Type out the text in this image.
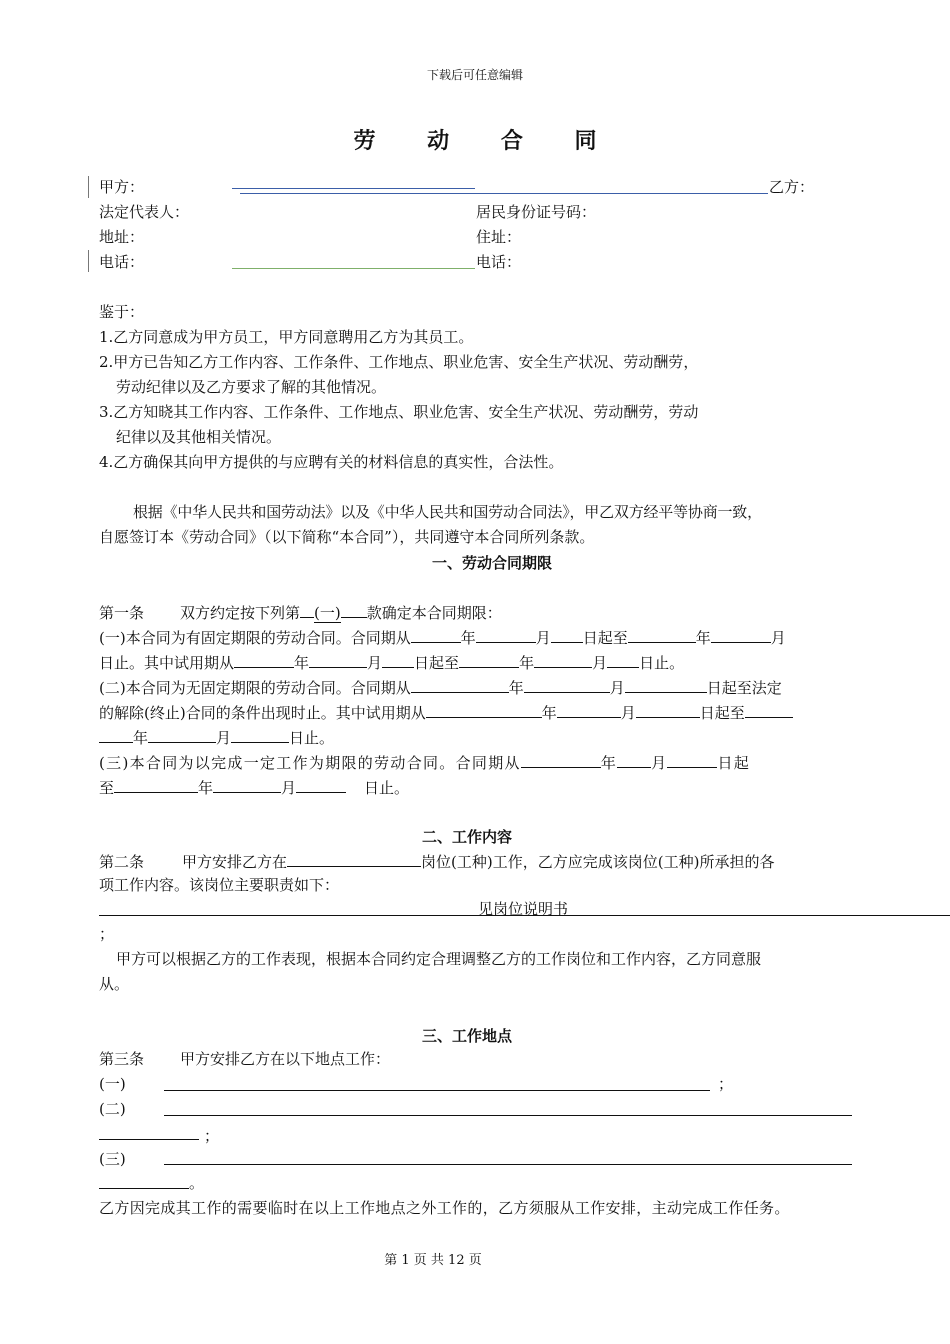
下载后可任意编辑
劳 动 合 同
甲方：	乙方：
法定代表人：	居民身份证号码：
地址：	住址：
电话：	电话：
鉴于：
1.乙方同意成为甲方员工，甲方同意聘用乙方为其员工。
2.甲方已告知乙方工作内容、工作条件、工作地点、职业危害、安全生产状况、劳动酬劳，
劳动纪律以及乙方要求了解的其他情况。
3.乙方知晓其工作内容、工作条件、工作地点、职业危害、安全生产状况、劳动酬劳，劳动
纪律以及其他相关情况。
4.乙方确保其向甲方提供的与应聘有关的材料信息的真实性，合法性。
根据《中华人民共和国劳动法》以及《中华人民共和国劳动合同法》，甲乙双方经平等协商一致，
自愿签订本《劳动合同》（以下简称“本合同”），共同遵守本合同所列条款。
一、劳动合同期限
第一条 双方约定按下列第 (一) 款确定本合同期限：
(一)本合同为有固定期限的劳动合同。合同期从	年	月 日起至	年	月
日止。其中试用期从	年	月 日起至	年	月 日止。
(二)本合同为无固定期限的劳动合同。合同期从	年	月	日起至法定
的解除(终止)合同的条件出现时止。其中试用期从	年	月	日起至
年	月	日止。
(三)本合同为以完成一定工作为期限的劳动合同。合同期从	年 月	日起
至	年	月	日止。
二、工作内容
第二条	甲方安排乙方在	岗位(工种)工作，乙方应完成该岗位(工种)所承担的各
项工作内容。该岗位主要职责如下：
见岗位说明书
；
甲方可以根据乙方的工作表现，根据本合同约定合理调整乙方的工作岗位和工作内容，乙方同意服
从。
三、工作地点
第三条 甲方安排乙方在以下地点工作：
(一)	；
(二)
；
(三)
。
乙方因完成其工作的需要临时在以上工作地点之外工作的，乙方须服从工作安排，主动完成工作任务。
第 1 页 共 12 页
